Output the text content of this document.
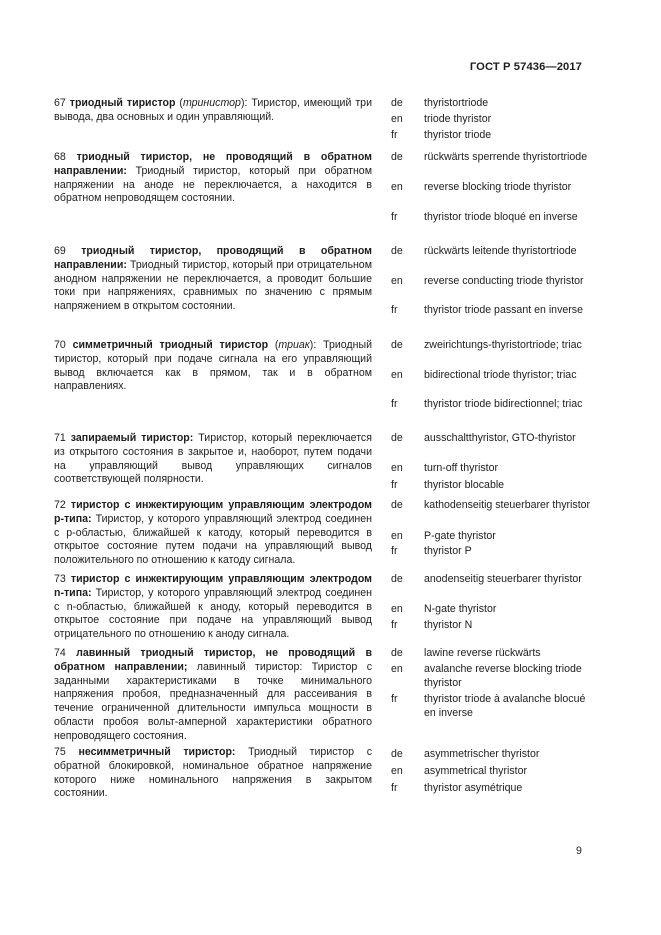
ГОСТ Р 57436—2017
67 триодный тиристор (тринистор): Тиристор, имеющий три вывода, два основных и один управляющий.
de	thyristortriode
en	triode thyristor
fr	thyristor triode
68 триодный тиристор, не проводящий в обратном направлении: Триодный тиристор, который при обратном напряжении на аноде не переключается, а находится в обратном непроводящем состоянии.
de	rückwärts sperrende thyristortriode
en	reverse blocking triode thyristor
fr	thyristor triode bloqué en inverse
69 триодный тиристор, проводящий в обратном направлении: Триодный тиристор, который при отрицательном анодном напряжении не переключается, а проводит большие токи при напряжениях, сравнимых по значению с прямым напряжением в открытом состоянии.
de	rückwärts leitende thyristortriode
en	reverse conducting triode thyristor
fr	thyristor triode passant en inverse
70 симметричный триодный тиристор (триак): Триодный тиристор, который при подаче сигнала на его управляющий вывод включается как в прямом, так и в обратном направлениях.
de	zweirichtungs-thyristortriode; triac
en	bidirectional triode thyristor; triac
fr	thyristor triode bidirectionnel; triac
71 запираемый тиристор: Тиристор, который переключается из открытого состояния в закрытое и, наоборот, путем подачи на управляющий вывод управляющих сигналов соответствующей полярности.
de	ausschaltthyristor, GTO-thyristor
en	turn-off thyristor
fr	thyristor blocable
72 тиристор с инжектирующим управляющим электродом р-типа: Тиристор, у которого управляющий электрод соединен с р-областью, ближайшей к катоду, который переводится в открытое состояние путем подачи на управляющий вывод положительного по отношению к катоду сигнала.
de	kathodenseitig steuerbarer thyristor
en	P-gate thyristor
fr	thyristor P
73 тиристор с инжектирующим управляющим электродом n-типа: Тиристор, у которого управляющий электрод соединен с n-областью, ближайшей к аноду, который переводится в открытое состояние при подаче на управляющий вывод отрицательного по отношению к аноду сигнала.
de	anodenseitig steuerbarer thyristor
en	N-gate thyristor
fr	thyristor N
74 лавинный триодный тиристор, не проводящий в обратном направлении; лавинный тиристор: Тиристор с заданными характеристиками в точке минимального напряжения пробоя, предназначенный для рассеивания в течение ограниченной длительности импульса мощности в области пробоя вольт-амперной характеристики обратного непроводящего состояния.
de	lawine reverse rückwärts
en	avalanche reverse blocking triode thyristor
fr	thyristor triode à avalanche blocué en inverse
75 несимметричный тиристор: Триодный тиристор с обратной блокировкой, номинальное обратное напряжение которого ниже номинального напряжения в закрытом состоянии.
de	asymmetrischer thyristor
en	asymmetrical thyristor
fr	thyristor asymétrique
9
